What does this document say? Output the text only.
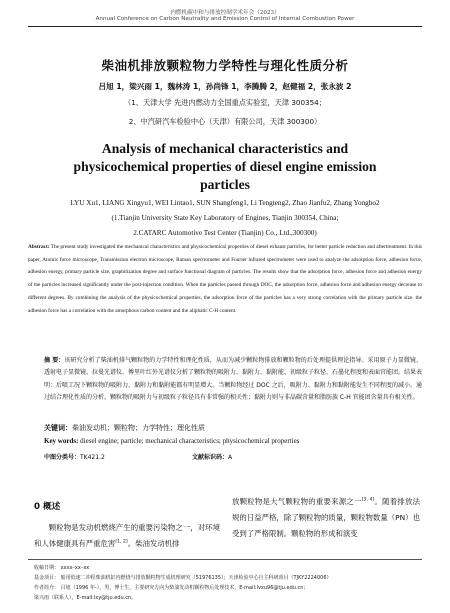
内燃机碳中和与排放控制学术年会（2023）
Annual Conference on Carbon Neutrality and Emission Control of Internal Combustion Power
柴油机排放颗粒物力学特性与理化性质分析
吕旭 1，梁兴雨 1，魏林涛 1，孙尚锋 1，李腾腾 2，赵健福 2，张永波 2
（1、天津大学 先进内燃动力全国重点实验室，天津 300354；
2、中汽研汽车检验中心（天津）有限公司，天津 300300）
Analysis of mechanical characteristics and
physicochemical properties of diesel engine emission
particles
LYU Xu1, LIANG Xingyu1, WEI Lintao1, SUN Shangfeng1, Li Tengteng2, Zhao Jianfu2, Zhang Yongbo2
(1.Tianjin University State Key Laboratory of Engines, Tianjin 300354, China;
2.CATARC Automotive Test Center (Tianjin) Co., Ltd.,300300)
Abstract: The present study investigated the mechanical characteristics and physicochemical properties of diesel exhaust particles, for better particle reduction and aftertreatment. In this paper, Atomic force microscope, Transmission electron microscope, Raman spectrometer and Fourier infrared spectrometer were used to analyze the adsorption force, adhesion force, adhesion energy, primary particle size, graphitization degree and surface functional diagram of particles. The results show that the adsorption force, adhesion force and adhesion energy of the particles increased significantly under the post-injection condition. When the particles passed through DOC, the adsorption force, adhesion force and adhesion energy decrease to different degrees. By combining the analysis of the physicochemical properties, the adsorption force of the particles has a very strong correlation with the primary particle size. the adhesion force has a correlation with the amorphous carbon content and the aliphatic C-H content.
摘 要：该研究分析了柴油机排气颗粒物的力学特性和理化性质，从而为减少颗粒物排放和颗粒物的后处理提供理论指导。采用原子力显微镜、透射电子显微镜、拉曼光谱仪、傅里叶红外光谱仪分析了颗粒物的吸附力、黏附力、黏附能、初级粒子粒径、石墨化程度和表面官能团。结果表明：后喷工况下颗粒物的吸附力、黏附力和黏附能都有明显增大。当颗粒物经过 DOC 之后，吸附力、黏附力和黏附能发生不同程度的减小。通过结合理化性质的分析，颗粒物的吸附力与初级粒子粒径具有非常强的相关性；黏附力则与非晶碳含量和脂肪族 C-H 官能团含量具有相关性。
关键词：柴油发动机；颗粒物；力学特性；理化性质
Key words: diesel engine; particle; mechanical characteristics; physicochemical properties
中图分类号：TK421.2	文献标识码：A
0 概述
颗粒物是发动机燃烧产生的重要污染物之一，对环境和人体健康具有严重危害[1, 2]。柴油发动机排
放颗粒物是大气颗粒物的重要来源之一[3, 4]。随着排放法规的日益严格，除了颗粒物的质量，颗粒物数量（PN）也受到了严格限制。颗粒物的形成和演变
收稿日期： xxxx–xx–xx
基金项目： 船用低速二冲程柴油机缸内燃烧与排放颗粒物生成机理研究（51976135）；天津检验中心自主科研项目（TJKY2224006）
作者简介： 吕旭（1996 年-），男，博士生，主要研究方向为柴油发动机颗粒物后处理技术，E-mail:lvxu96@tju.edu.cn；
梁兴雨（联系人），E-mail:lxy@tju.edu.cn。
